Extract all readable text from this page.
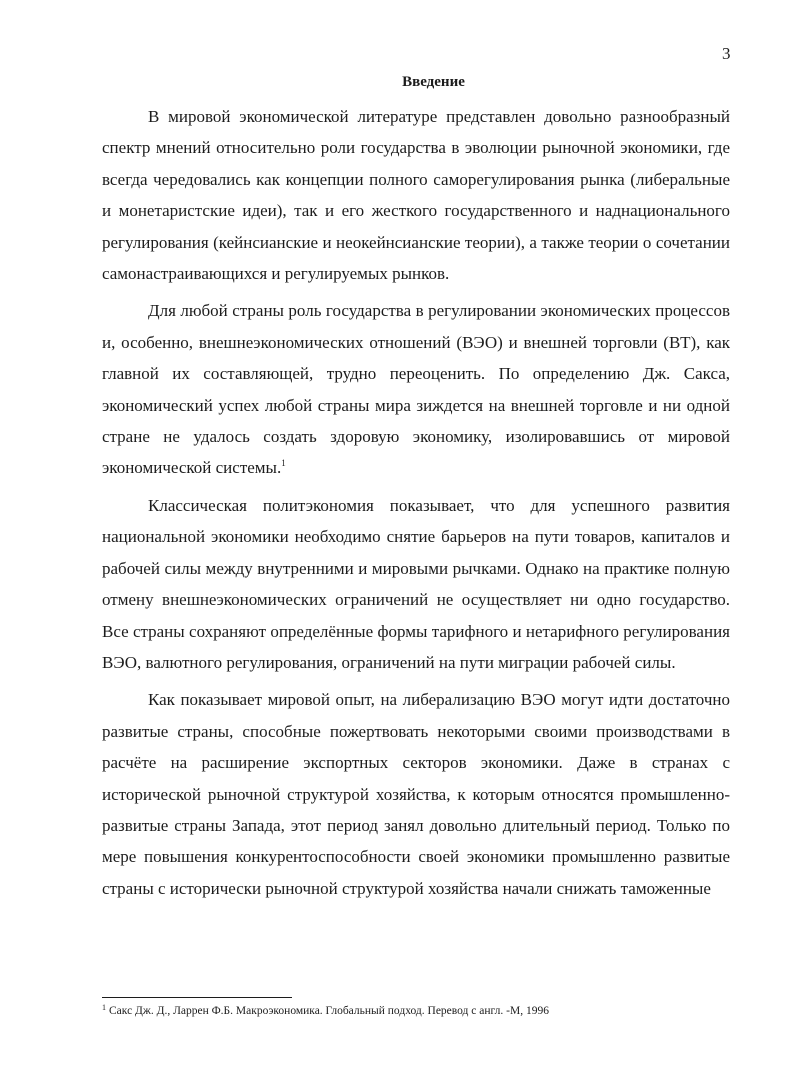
3
Введение

В мировой экономической литературе представлен довольно разнообразный спектр мнений относительно роли государства в эволюции рыночной экономики, где всегда чередовались как концепции полного саморегулирования рынка (либеральные и монетаристские идеи), так и его жесткого государственного и наднационального регулирования (кейнсианские и неокейнсианские теории), а также теории о сочетании самонастраивающихся и регулируемых рынков.

Для любой страны роль государства в регулировании экономических процессов и, особенно, внешнеэкономических отношений (ВЭО) и внешней торговли (ВТ), как главной их составляющей, трудно переоценить. По определению Дж. Сакса, экономический успех любой страны мира зиждется на внешней торговле и ни одной стране не удалось создать здоровую экономику, изолировавшись от мировой экономической системы.$^1$

Классическая политэкономия показывает, что для успешного развития национальной экономики необходимо снятие барьеров на пути товаров, капиталов и рабочей силы между внутренними и мировыми рычками. Однако на практике полную отмену внешнеэкономических ограничений не осуществляет ни одно государство. Все страны сохраняют определённые формы тарифного и нетарифного регулирования ВЭО, валютного регулирования, ограничений на пути миграции рабочей силы.

Как показывает мировой опыт, на либерализацию ВЭО могут идти достаточно развитые страны, способные пожертвовать некоторыми своими производствами в расчёте на расширение экспортных секторов экономики. Даже в странах с исторической рыночной структурой хозяйства, к которым относятся промышленно-развитые страны Запада, этот период занял довольно длительный период. Только по мере повышения конкурентоспособности своей экономики промышленно развитые страны с исторически рыночной структурой хозяйства начали снижать таможенные

$^1$ Сакс Дж. Д., Ларрен Ф.Б. Макроэкономика. Глобальный подход. Перевод с англ. -М, 1996
